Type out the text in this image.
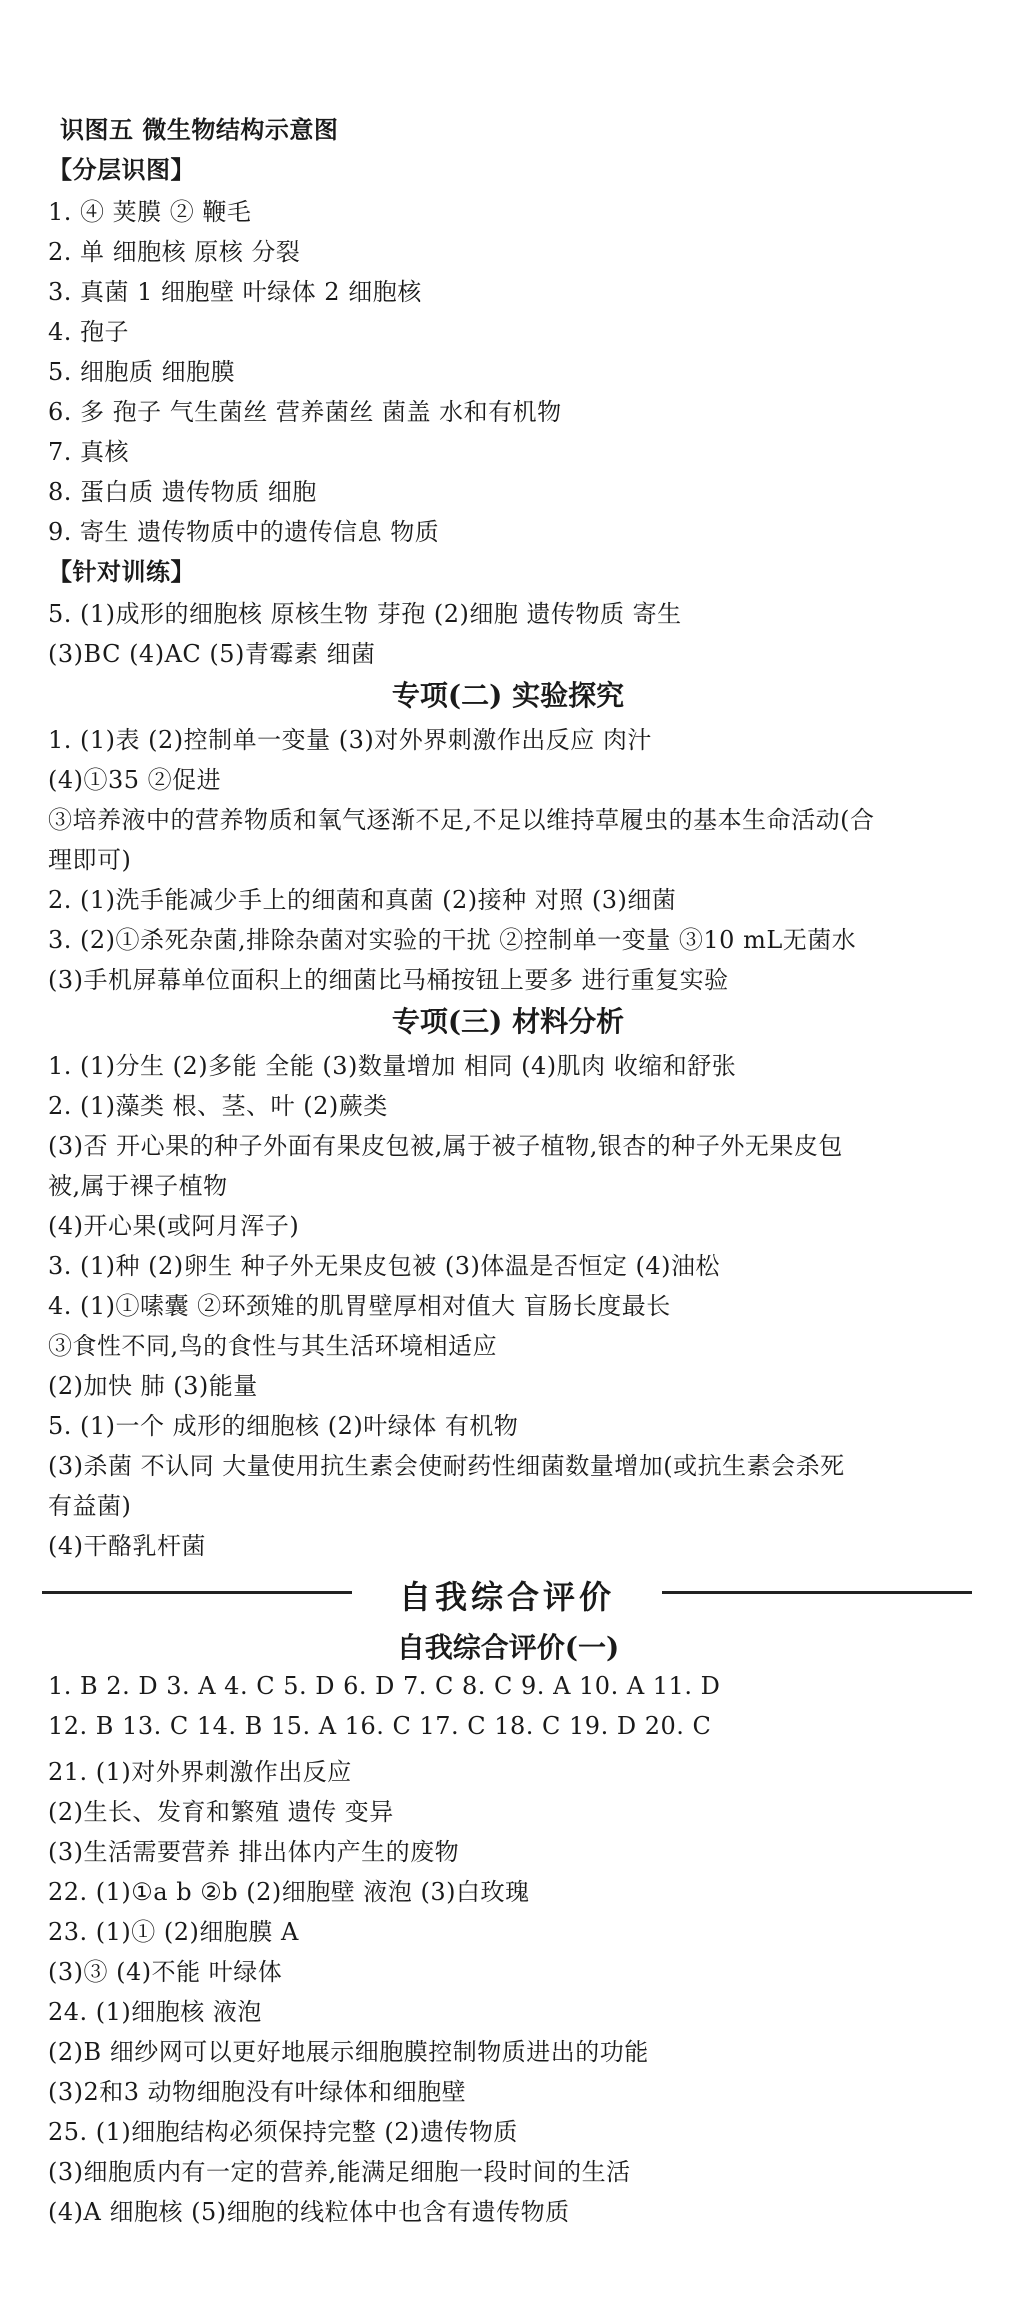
识图五 微生物结构示意图
【分层识图】
1. ④ 荚膜 ② 鞭毛
2. 单 细胞核 原核 分裂
3. 真菌 1 细胞壁 叶绿体 2 细胞核
4. 孢子
5. 细胞质 细胞膜
6. 多 孢子 气生菌丝 营养菌丝 菌盖 水和有机物
7. 真核
8. 蛋白质 遗传物质 细胞
9. 寄生 遗传物质中的遗传信息 物质
【针对训练】
5. (1)成形的细胞核 原核生物 芽孢 (2)细胞 遗传物质 寄生
(3)BC (4)AC (5)青霉素 细菌
专项(二) 实验探究
1. (1)表 (2)控制单一变量 (3)对外界刺激作出反应 肉汁
(4)①35 ②促进
③培养液中的营养物质和氧气逐渐不足,不足以维持草履虫的基本生命活动(合
理即可)
2. (1)洗手能减少手上的细菌和真菌 (2)接种 对照 (3)细菌
3. (2)①杀死杂菌,排除杂菌对实验的干扰 ②控制单一变量 ③10 mL无菌水
(3)手机屏幕单位面积上的细菌比马桶按钮上要多 进行重复实验
专项(三) 材料分析
1. (1)分生 (2)多能 全能 (3)数量增加 相同 (4)肌肉 收缩和舒张
2. (1)藻类 根、茎、叶 (2)蕨类
(3)否 开心果的种子外面有果皮包被,属于被子植物,银杏的种子外无果皮包
被,属于裸子植物
(4)开心果(或阿月浑子)
3. (1)种 (2)卵生 种子外无果皮包被 (3)体温是否恒定 (4)油松
4. (1)①嗉囊 ②环颈雉的肌胃壁厚相对值大 盲肠长度最长
③食性不同,鸟的食性与其生活环境相适应
(2)加快 肺 (3)能量
5. (1)一个 成形的细胞核 (2)叶绿体 有机物
(3)杀菌 不认同 大量使用抗生素会使耐药性细菌数量增加(或抗生素会杀死
有益菌)
(4)干酪乳杆菌
自我综合评价
自我综合评价(一)
1. B 2. D 3. A 4. C 5. D 6. D 7. C 8. C 9. A 10. A 11. D
12. B 13. C 14. B 15. A 16. C 17. C 18. C 19. D 20. C
21. (1)对外界刺激作出反应
(2)生长、发育和繁殖 遗传 变异
(3)生活需要营养 排出体内产生的废物
22. (1)①a b ②b (2)细胞壁 液泡 (3)白玫瑰
23. (1)① (2)细胞膜 A
(3)③ (4)不能 叶绿体
24. (1)细胞核 液泡
(2)B 细纱网可以更好地展示细胞膜控制物质进出的功能
(3)2和3 动物细胞没有叶绿体和细胞壁
25. (1)细胞结构必须保持完整 (2)遗传物质
(3)细胞质内有一定的营养,能满足细胞一段时间的生活
(4)A 细胞核 (5)细胞的线粒体中也含有遗传物质
